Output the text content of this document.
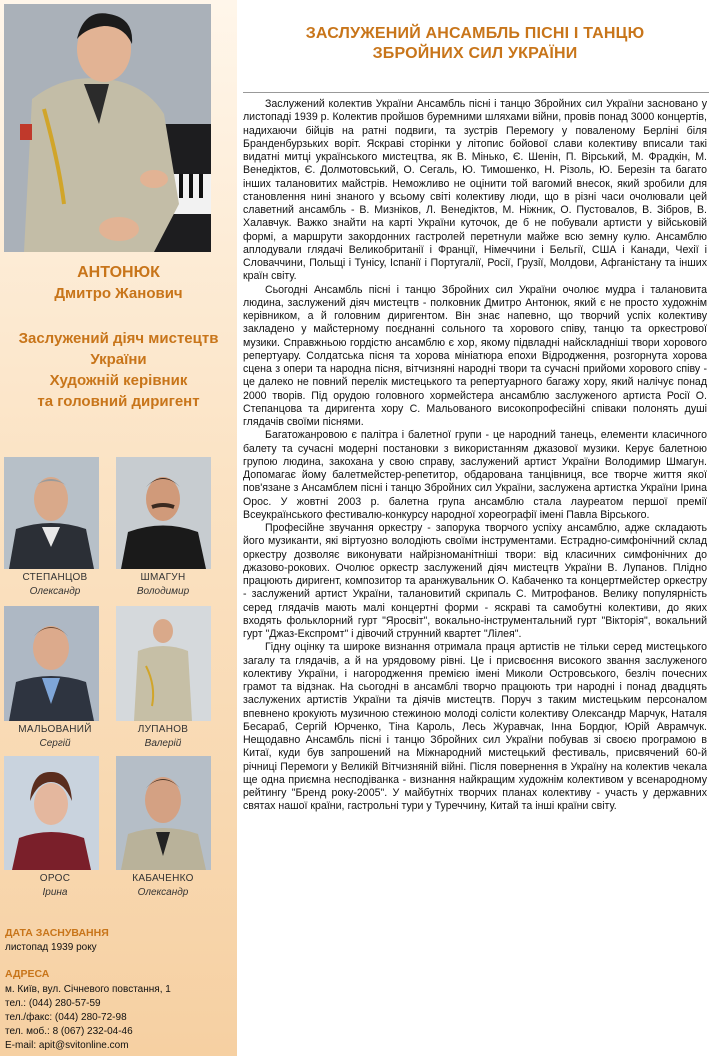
АНТОНЮК
Дмитро Жанович
Заслужений діяч мистецтв
України
Художній керівник
та головний диригент
СТЕПАНЦОВ
Олександр
ШМАГУН
Володимир
МАЛЬОВАНИЙ
Сергій
ЛУПАНОВ
Валерій
ОРОС
Ірина
КАБАЧЕНКО
Олександр
ДАТА ЗАСНУВАННЯ
листопад 1939 року
АДРЕСА
м. Київ, вул. Січневого повстання, 1
тел.: (044) 280-57-59
тел./факс: (044) 280-72-98
тел. моб.: 8 (067) 232-04-46
E-mail: apit@svitonline.com
ЗАСЛУЖЕНИЙ АНСАМБЛЬ ПІСНІ І ТАНЦЮ
ЗБРОЙНИХ СИЛ УКРАЇНИ

Заслужений колектив України Ансамбль пісні і танцю Збройних сил України засновано у листопаді 1939 р. Колектив пройшов буремними шляхами війни, провів понад 3000 концертів, надихаючи бійців на ратні подвиги, та зустрів Перемогу у поваленому Берліні біля Бранденбурзьких воріт. Яскраві сторінки у літопис бойової слави колективу вписали такі видатні митці українського мистецтва, як В. Мінько, Є. Шенін, П. Вірський, М. Фрадкін, М. Венедіктов, Є. Долмотовський, О. Сегаль, Ю. Тимошенко, Н. Різоль, Ю. Березін та багато інших талановитих майстрів. Неможливо не оцінити той вагомий внесок, який зробили для становлення нині знаного у всьому світі колективу люди, що в різні часи очолювали цей славетний ансамбль - В. Мизніков, Л. Венедіктов, М. Ніжник, О. Пустовалов, В. Зібров, В. Халавчук. Важко знайти на карті України куточок, де б не побували артисти у військовій формі, а маршрути закордонних гастролей перетнули майже всю земну кулю. Ансамблю аплодували глядачі Великобританії і Франції, Німеччини і Бельгії, США і Канади, Чехії і Словаччини, Польщі і Тунісу, Іспанії і Португалії, Росії, Грузії, Молдови, Афганістану та інших країн світу.

Сьогодні Ансамбль пісні і танцю Збройних сил України очолює мудра і талановита людина, заслужений діяч мистецтв - полковник Дмитро Антонюк, який є не просто художнім керівником, а й головним диригентом. Він знає напевно, що творчий успіх колективу закладено у майстерному поєднанні сольного та хорового співу, танцю та оркестрової музики. Справжньою гордістю ансамблю є хор, якому підвладні найскладніші твори хорового репертуару. Солдатська пісня та хорова мініатюра епохи Відродження, розгорнута хорова сцена з опери та народна пісня, вітчизняні народні твори та сучасні прийоми хорового співу - це далеко не повний перелік мистецького та репертуарного багажу хору, який налічує понад 2000 творів. Під орудою головного хормейстера ансамблю заслуженого артиста Росії О. Степанцова та диригента хору С. Мальованого високопрофесійні співаки полонять душі глядачів своїми піснями.

Багатожанровою є палітра і балетної групи - це народний танець, елементи класичного балету та сучасні модерні постановки з використанням джазової музики. Керує балетною групою людина, закохана у свою справу, заслужений артист України Володимир Шмагун. Допомагає йому балетмейстер-репетитор, обдарована танцівниця, все творче життя якої пов'язане з Ансамблем пісні і танцю Збройних сил України, заслужена артистка України Ірина Орос. У жовтні 2003 р. балетна група ансамблю стала лауреатом першої премії Всеукраїнського фестивалю-конкурсу народної хореографії імені Павла Вірського.

Професійне звучання оркестру - запорука творчого успіху ансамблю, адже складають його музиканти, які віртуозно володіють своїми інструментами. Естрадно-симфонічний склад оркестру дозволяє виконувати найрізноманітніші твори: від класичних симфонічних до джазово-рокових. Очолює оркестр заслужений діяч мистецтв України В. Лупанов. Плідно працюють диригент, композитор та аранжувальник О. Кабаченко та концертмейстер оркестру - заслужений артист України, талановитий скрипаль С. Митрофанов. Велику популярність серед глядачів мають малі концертні форми - яскраві та самобутні колективи, до яких входять фольклорний гурт "Яросвіт", вокально-інструментальний гурт "Вікторія", вокальний гурт "Джаз-Експромт" і дівочий струнний квартет "Лілея".

Гідну оцінку та широке визнання отримала праця артистів не тільки серед мистецького загалу та глядачів, а й на урядовому рівні. Це і присвоєння високого звання заслуженого колективу України, і нагородження премією імені Миколи Островського, безліч почесних грамот та відзнак. На сьогодні в ансамблі творчо працюють три народні і понад двадцять заслужених артистів України та діячів мистецтв. Поруч з таким мистецьким персоналом впевнено крокують музичною стежиною молоді солісти колективу Олександр Марчук, Наталя Бесараб, Сергій Юрченко, Тіна Кароль, Лесь Журавчак, Інна Бордюг, Юрій Аврамчук. Нещодавно Ансамбль пісні і танцю Збройних сил України побував зі своєю програмою в Китаї, куди був запрошений на Міжнародний мистецький фестиваль, присвячений 60-й річниці Перемоги у Великій Вітчизняній війні. Після повернення в Україну на колектив чекала ще одна приємна несподіванка - визнання найкращим художнім колективом у всенародному рейтингу "Бренд року-2005". У майбутніх творчих планах колективу - участь у державних святах нашої країни, гастрольні тури у Туреччину, Китай та інші країни світу.
